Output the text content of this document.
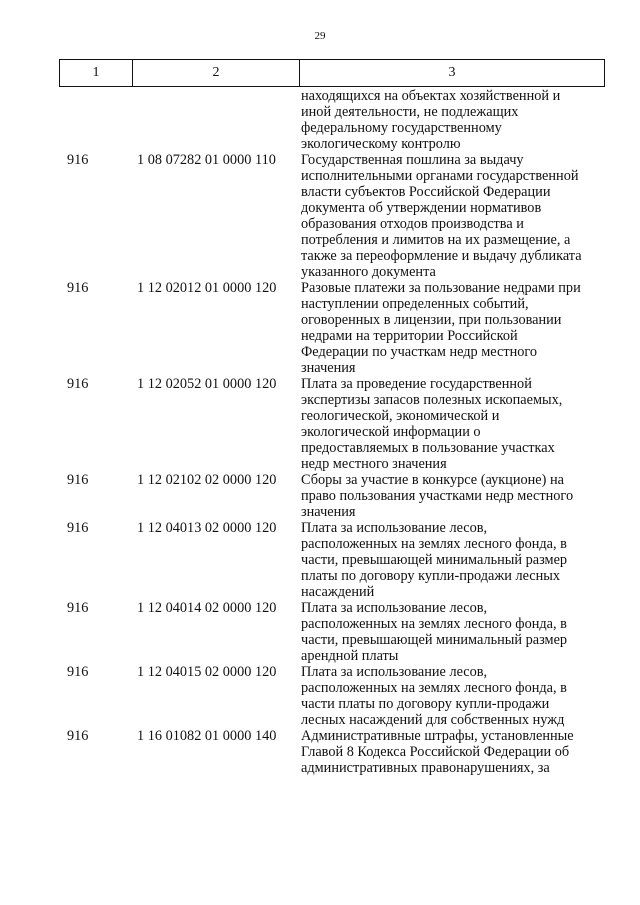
29
1	2	3
находящихся на объектах хозяйственной и
иной деятельности, не подлежащих
федеральному государственному
экологическому контролю
916	1 08 07282 01 0000 110	Государственная пошлина за выдачу
исполнительными органами государственной
власти субъектов Российской Федерации
документа об утверждении нормативов
образования отходов производства и
потребления и лимитов на их размещение, а
также за переоформление и выдачу дубликата
указанного документа
916	1 12 02012 01 0000 120	Разовые платежи за пользование недрами при
наступлении определенных событий,
оговоренных в лицензии, при пользовании
недрами на территории Российской
Федерации по участкам недр местного
значения
916	1 12 02052 01 0000 120	Плата за проведение государственной
экспертизы запасов полезных ископаемых,
геологической, экономической и
экологической информации о
предоставляемых в пользование участках
недр местного значения
916	1 12 02102 02 0000 120	Сборы за участие в конкурсе (аукционе) на
право пользования участками недр местного
значения
916	1 12 04013 02 0000 120	Плата за использование лесов,
расположенных на землях лесного фонда, в
части, превышающей минимальный размер
платы по договору купли-продажи лесных
насаждений
916	1 12 04014 02 0000 120	Плата за использование лесов,
расположенных на землях лесного фонда, в
части, превышающей минимальный размер
арендной платы
916	1 12 04015 02 0000 120	Плата за использование лесов,
расположенных на землях лесного фонда, в
части платы по договору купли-продажи
лесных насаждений для собственных нужд
916	1 16 01082 01 0000 140	Административные штрафы, установленные
Главой 8 Кодекса Российской Федерации об
административных правонарушениях, за
